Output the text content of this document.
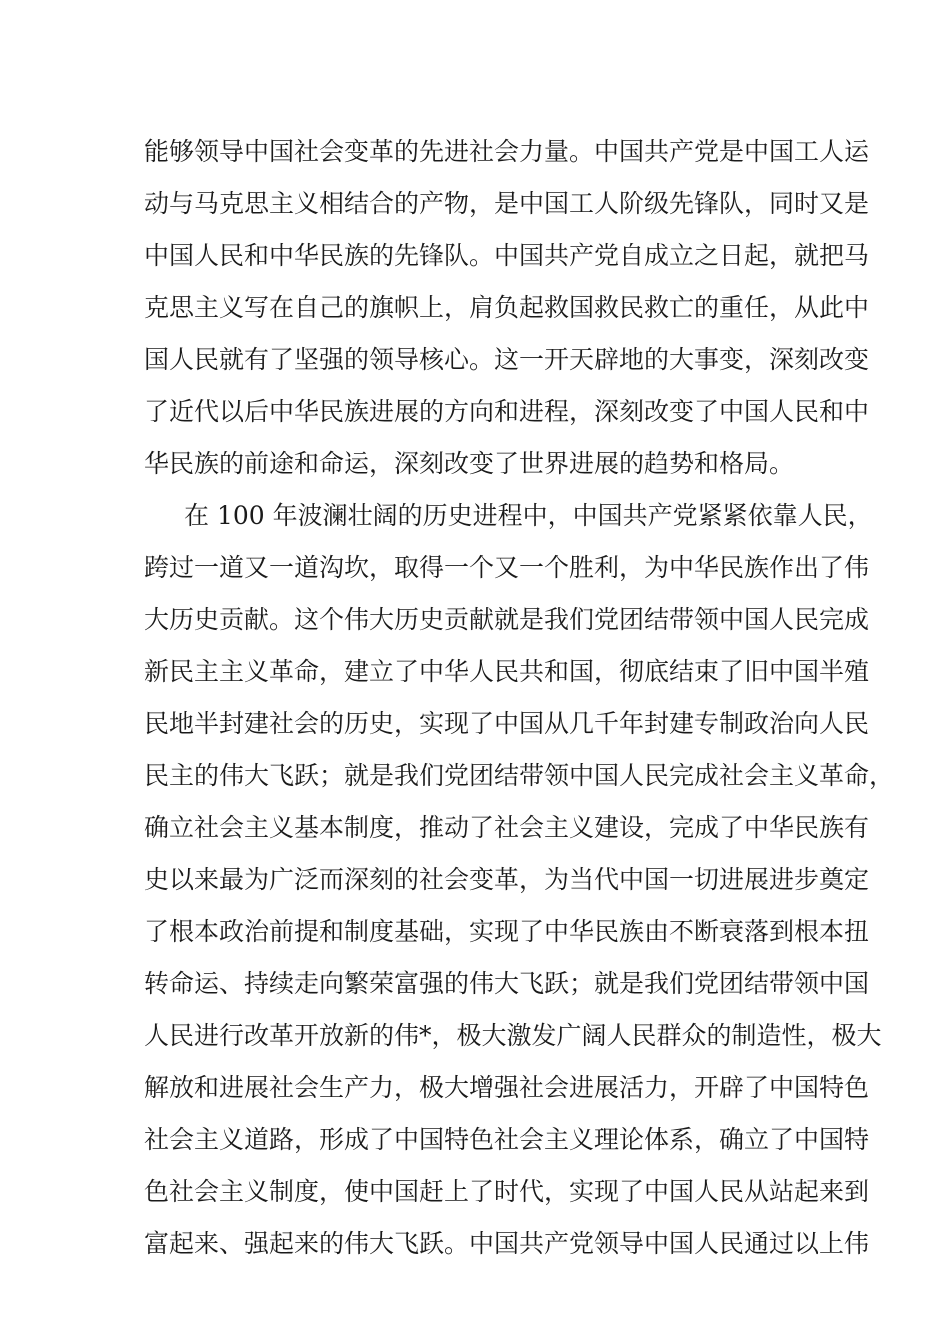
能够领导中国社会变革的先进社会力量。中国共产党是中国工人运
动与马克思主义相结合的产物，是中国工人阶级先锋队，同时又是
中国人民和中华民族的先锋队。中国共产党自成立之日起，就把马
克思主义写在自己的旗帜上，肩负起救国救民救亡的重任，从此中
国人民就有了坚强的领导核心。这一开天辟地的大事变，深刻改变
了近代以后中华民族进展的方向和进程，深刻改变了中国人民和中
华民族的前途和命运，深刻改变了世界进展的趋势和格局。
在 100 年波澜壮阔的历史进程中，中国共产党紧紧依靠人民，
跨过一道又一道沟坎，取得一个又一个胜利，为中华民族作出了伟
大历史贡献。这个伟大历史贡献就是我们党团结带领中国人民完成
新民主主义革命，建立了中华人民共和国，彻底结束了旧中国半殖
民地半封建社会的历史，实现了中国从几千年封建专制政治向人民
民主的伟大飞跃；就是我们党团结带领中国人民完成社会主义革命，
确立社会主义基本制度，推动了社会主义建设，完成了中华民族有
史以来最为广泛而深刻的社会变革，为当代中国一切进展进步奠定
了根本政治前提和制度基础，实现了中华民族由不断衰落到根本扭
转命运、持续走向繁荣富强的伟大飞跃；就是我们党团结带领中国
人民进行改革开放新的伟*，极大激发广阔人民群众的制造性，极大
解放和进展社会生产力，极大增强社会进展活力，开辟了中国特色
社会主义道路，形成了中国特色社会主义理论体系，确立了中国特
色社会主义制度，使中国赶上了时代，实现了中国人民从站起来到
富起来、强起来的伟大飞跃。中国共产党领导中国人民通过以上伟
